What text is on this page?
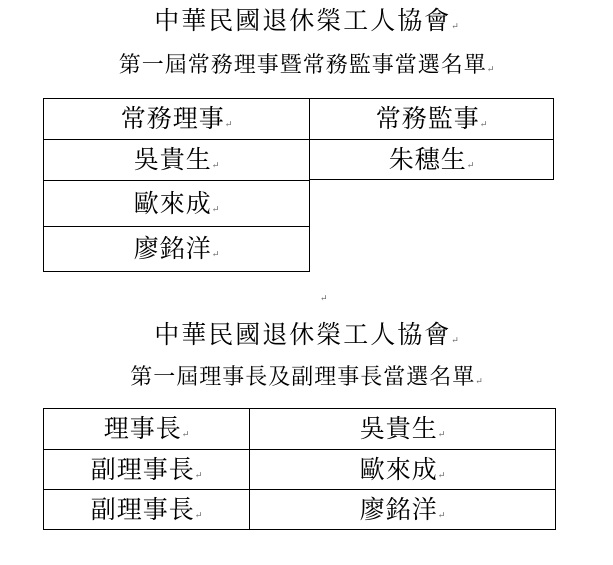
中華民國退休榮工人協會↵
第一屆常務理事暨常務監事當選名單↵
常務理事↵	常務監事↵
吳貴生↵	朱穗生↵
歐來成↵
廖銘洋↵
↵
中華民國退休榮工人協會↵
第一屆理事長及副理事長當選名單↵
理事長↵	吳貴生↵
副理事長↵	歐來成↵
副理事長↵	廖銘洋↵
